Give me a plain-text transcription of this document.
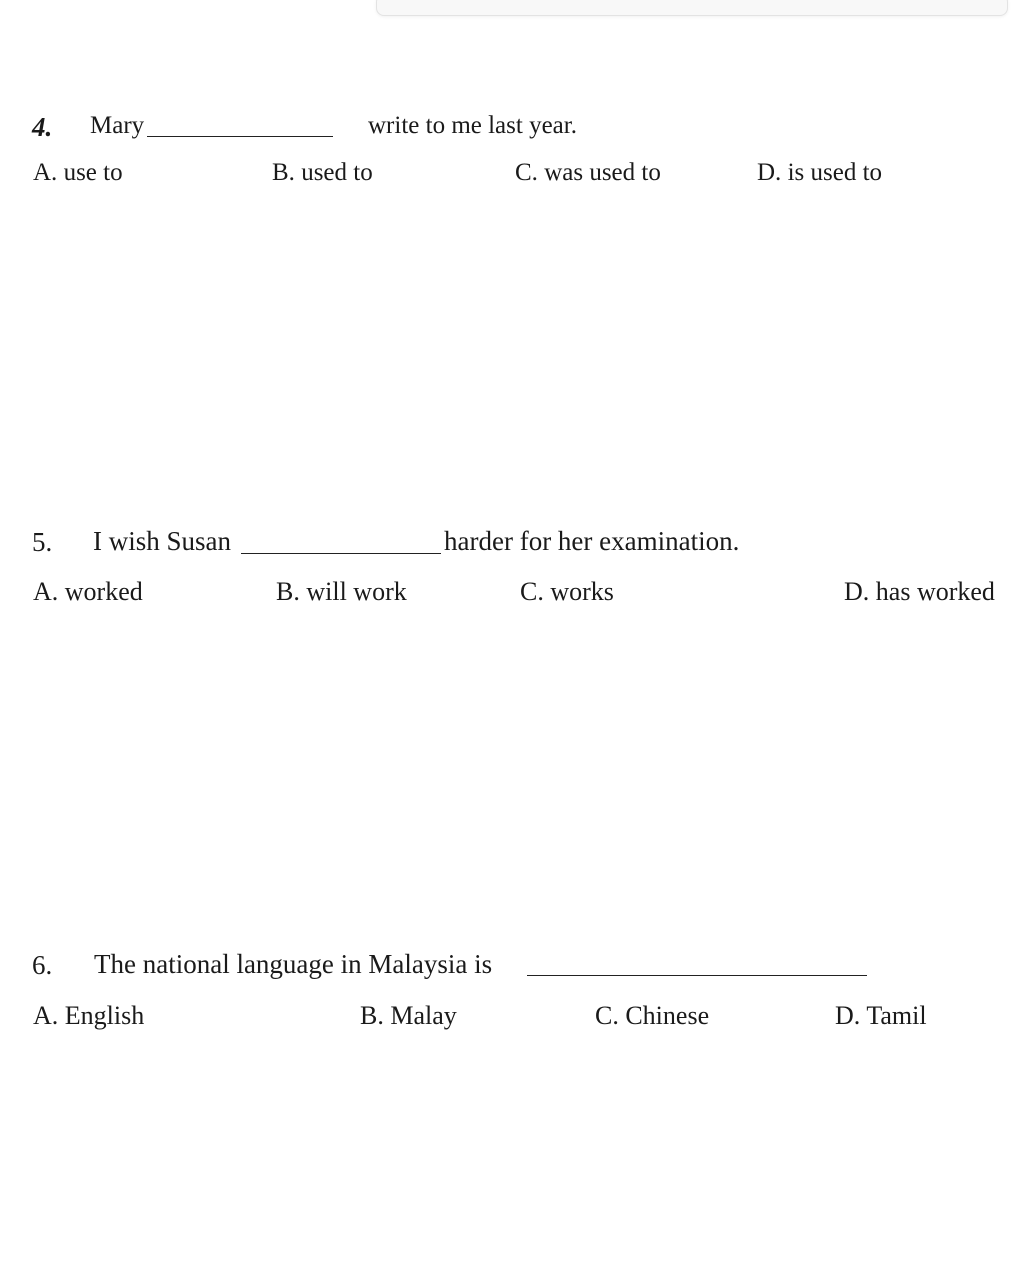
4. Mary	write to me last year.
A. use to	B. used to	C. was used to	D. is used to
5. I wish Susan	harder for her examination.
A. worked	B. will work	C. works	D. has worked
6. The national language in Malaysia is
A. English	B. Malay	C. Chinese	D. Tamil
